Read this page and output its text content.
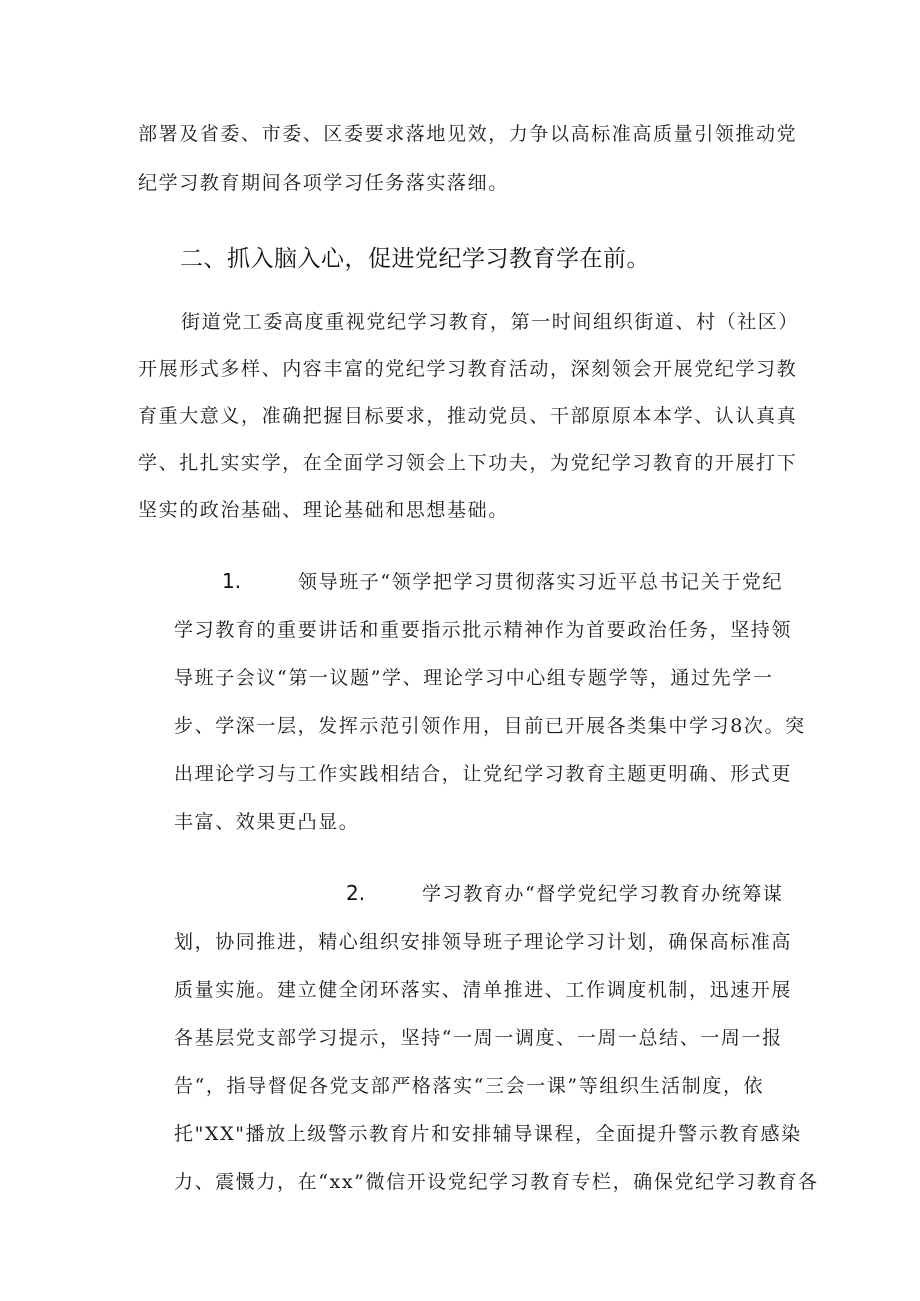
部署及省委、市委、区委要求落地见效，力争以高标准高质量引领推动党
纪学习教育期间各项学习任务落实落细。
二、抓入脑入心，促进党纪学习教育学在前。
街道党工委高度重视党纪学习教育，第一时间组织街道、村（社区）
开展形式多样、内容丰富的党纪学习教育活动，深刻领会开展党纪学习教
育重大意义，准确把握目标要求，推动党员、干部原原本本学、认认真真
学、扎扎实实学，在全面学习领会上下功夫，为党纪学习教育的开展打下
坚实的政治基础、理论基础和思想基础。
1.	领导班子“领学把学习贯彻落实习近平总书记关于党纪
学习教育的重要讲话和重要指示批示精神作为首要政治任务，坚持领
导班子会议“第一议题”学、理论学习中心组专题学等，通过先学一
步、学深一层，发挥示范引领作用，目前已开展各类集中学习8次。突
出理论学习与工作实践相结合，让党纪学习教育主题更明确、形式更
丰富、效果更凸显。
2.	学习教育办“督学党纪学习教育办统筹谋
划，协同推进，精心组织安排领导班子理论学习计划，确保高标准高
质量实施。建立健全闭环落实、清单推进、工作调度机制，迅速开展
各基层党支部学习提示，坚持“一周一调度、一周一总结、一周一报
告“，指导督促各党支部严格落实“三会一课”等组织生活制度，依
托"XX"播放上级警示教育片和安排辅导课程，全面提升警示教育感染
力、震慑力，在“xx”微信开设党纪学习教育专栏，确保党纪学习教育各
